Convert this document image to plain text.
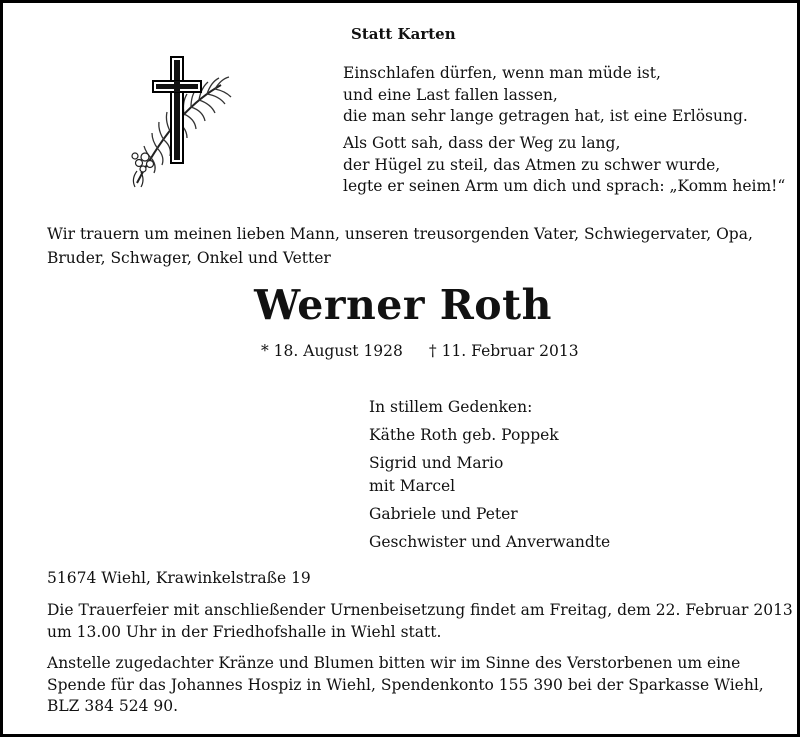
Statt Karten
Einschlafen dürfen, wenn man müde ist,
und eine Last fallen lassen,
die man sehr lange getragen hat, ist eine Erlösung.
Als Gott sah, dass der Weg zu lang,
der Hügel zu steil, das Atmen zu schwer wurde,
legte er seinen Arm um dich und sprach: „Komm heim!“
Wir trauern um meinen lieben Mann, unseren treusorgenden Vater, Schwiegervater, Opa,
Bruder, Schwager, Onkel und Vetter
Werner Roth
* 18. August 1928 † 11. Februar 2013
In stillem Gedenken:
Käthe Roth geb. Poppek
Sigrid und Mario
mit Marcel
Gabriele und Peter
Geschwister und Anverwandte
51674 Wiehl, Krawinkelstraße 19
Die Trauerfeier mit anschließender Urnenbeisetzung findet am Freitag, dem 22. Februar 2013
um 13.00 Uhr in der Friedhofshalle in Wiehl statt.
Anstelle zugedachter Kränze und Blumen bitten wir im Sinne des Verstorbenen um eine
Spende für das Johannes Hospiz in Wiehl, Spendenkonto 155 390 bei der Sparkasse Wiehl,
BLZ 384 524 90.
